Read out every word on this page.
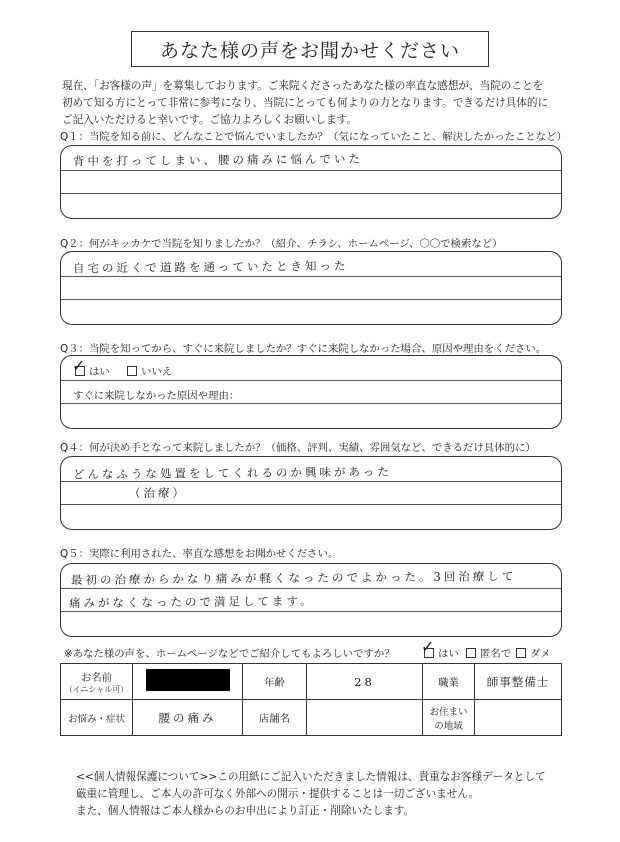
あなた様の声をお聞かせください
現在、「お客様の声」を募集しております。ご来院くださったあなた様の率直な感想が、当院のことを
初めて知る方にとって非常に参考になり、当院にとっても何よりの力となります。できるだけ具体的に
ご記入いただけると幸いです。ご協力よろしくお願いします。
Q１：当院を知る前に、どんなことで悩んでいましたか？（気になっていたこと、解決したかったことなど）
背中を打ってしまい、腰の痛みに悩んでいた
Q２：何がキッカケで当院を知りましたか？（紹介、チラシ、ホームページ、〇〇で検索など）
自宅の近くで道路を通っていたとき知った
Q３：当院を知ってから、すぐに来院しましたか？すぐに来院しなかった場合、原因や理由をください。
はい
✓	いいえ
すぐに来院しなかった原因や理由：
Q４：何が決め手となって来院しましたか？（価格、評判、実績、雰囲気など、できるだけ具体的に）
どんなふうな処置をしてくれるのか興味があった
（治療）
Q５：実際に利用された、率直な感想をお聞かせください。
最初の治療からかなり痛みが軽くなったのでよかった。3回治療して
痛みがなくなったので満足してます。
※あなた様の声を、ホームページなどでご紹介してもよろしいですか？	はい
✓	匿名で	ダメ
お名前
（イニシャル可）		年齢	28	職業	師事整備士
お悩み・症状	腰の痛み	店舗名		お住まい
の地域	

<<個人情報保護について>>この用紙にご記入いただきました情報は、貴重なお客様データとして
厳重に管理し、ご本人の許可なく外部への開示・提供することは一切ございません。
また、個人情報はご本人様からのお申出により訂正・削除いたします。
